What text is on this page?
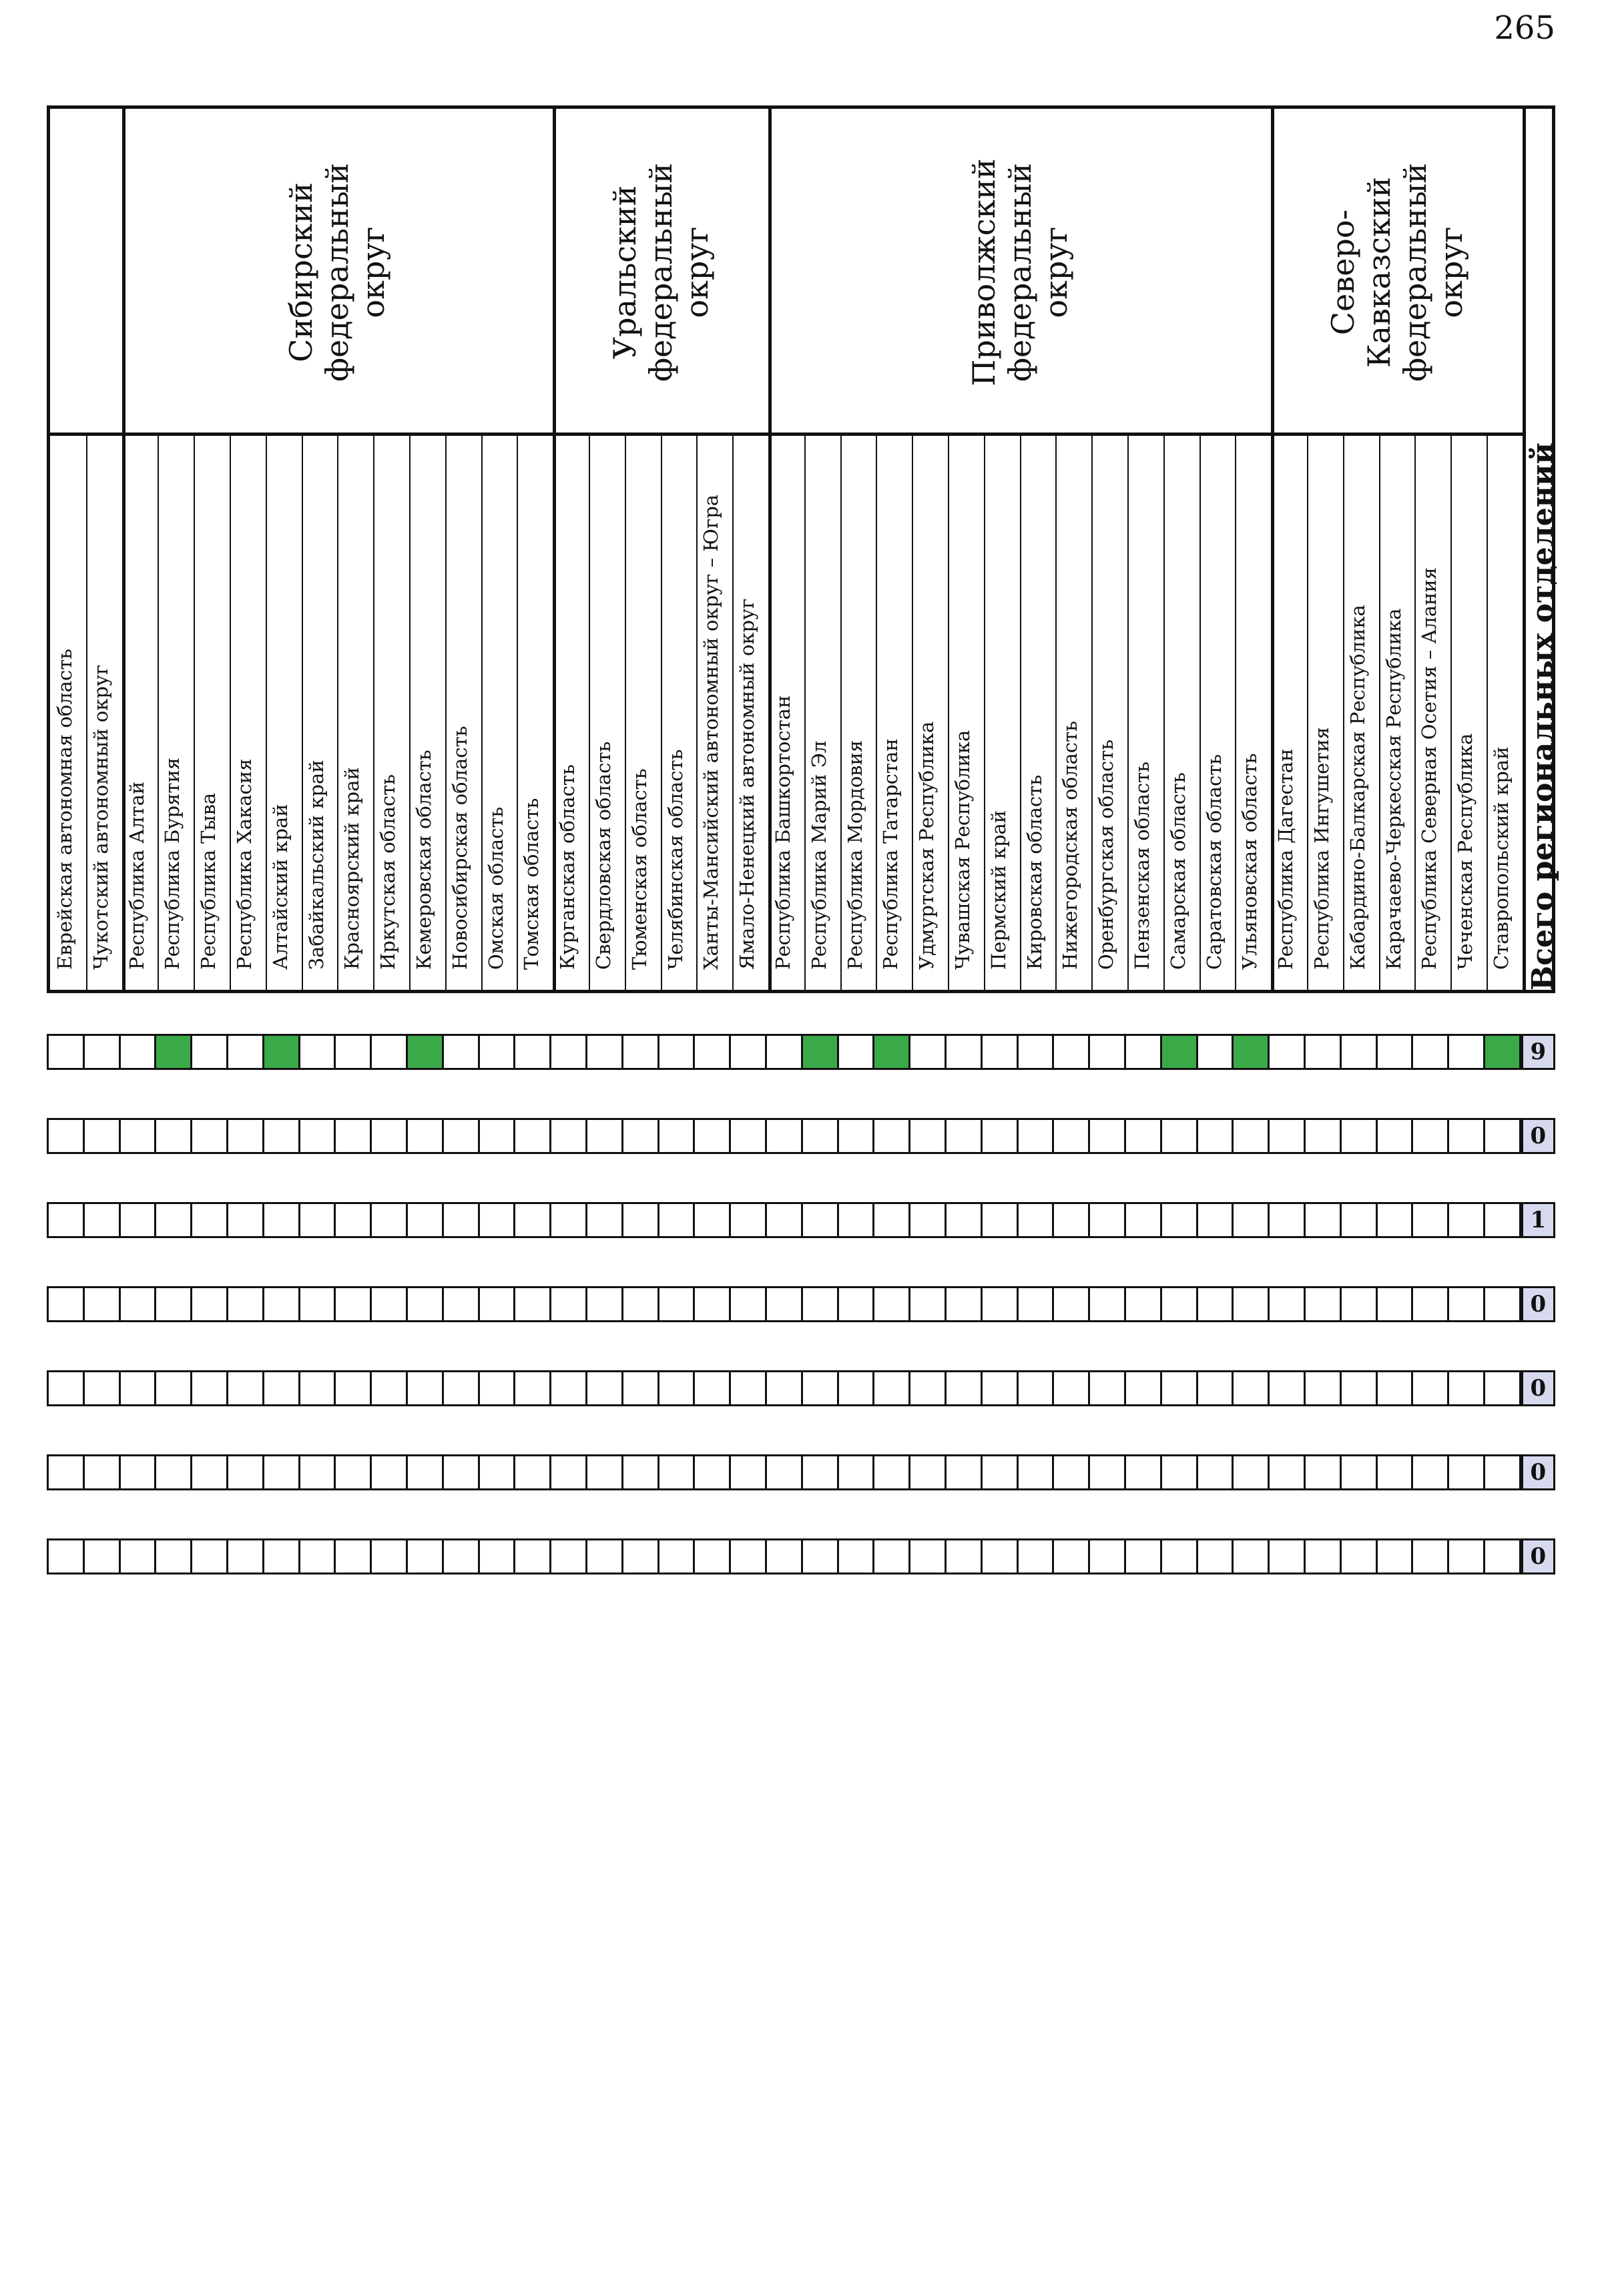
265
Еврейская автономная область Чукотский автономный округ Республика Алтай Республика Бурятия Республика Тыва Республика Хакасия Алтайский край Забайкальский край Красноярский край Иркутская область Кемеровская область Новосибирская область Омская область Томская область
Сибирский
федеральный
округ
Курганская область Свердловская область Тюменская область Челябинская область Ханты-Мансийский автономный округ – Югра Ямало-Ненецкий автономный округ
Уральский
федеральный
округ
Республика Башкортостан Республика Марий Эл Республика Мордовия Республика Татарстан Удмуртская Республика Чувашская Республика Пермский край Кировская область Нижегородская область Оренбургская область Пензенская область Самарская область Саратовская область Ульяновская область
Приволжский
федеральный
округ
Республика Дагестан Республика Ингушетия Кабардино-Балкарская Республика Карачаево-Черкесская Республика Республика Северная Осетия – Алания Чеченская Республика Ставропольский край
Северо-
Кавказский
федеральный
округ
Всего региональных отделений
9
0
1
0
0
0
0
